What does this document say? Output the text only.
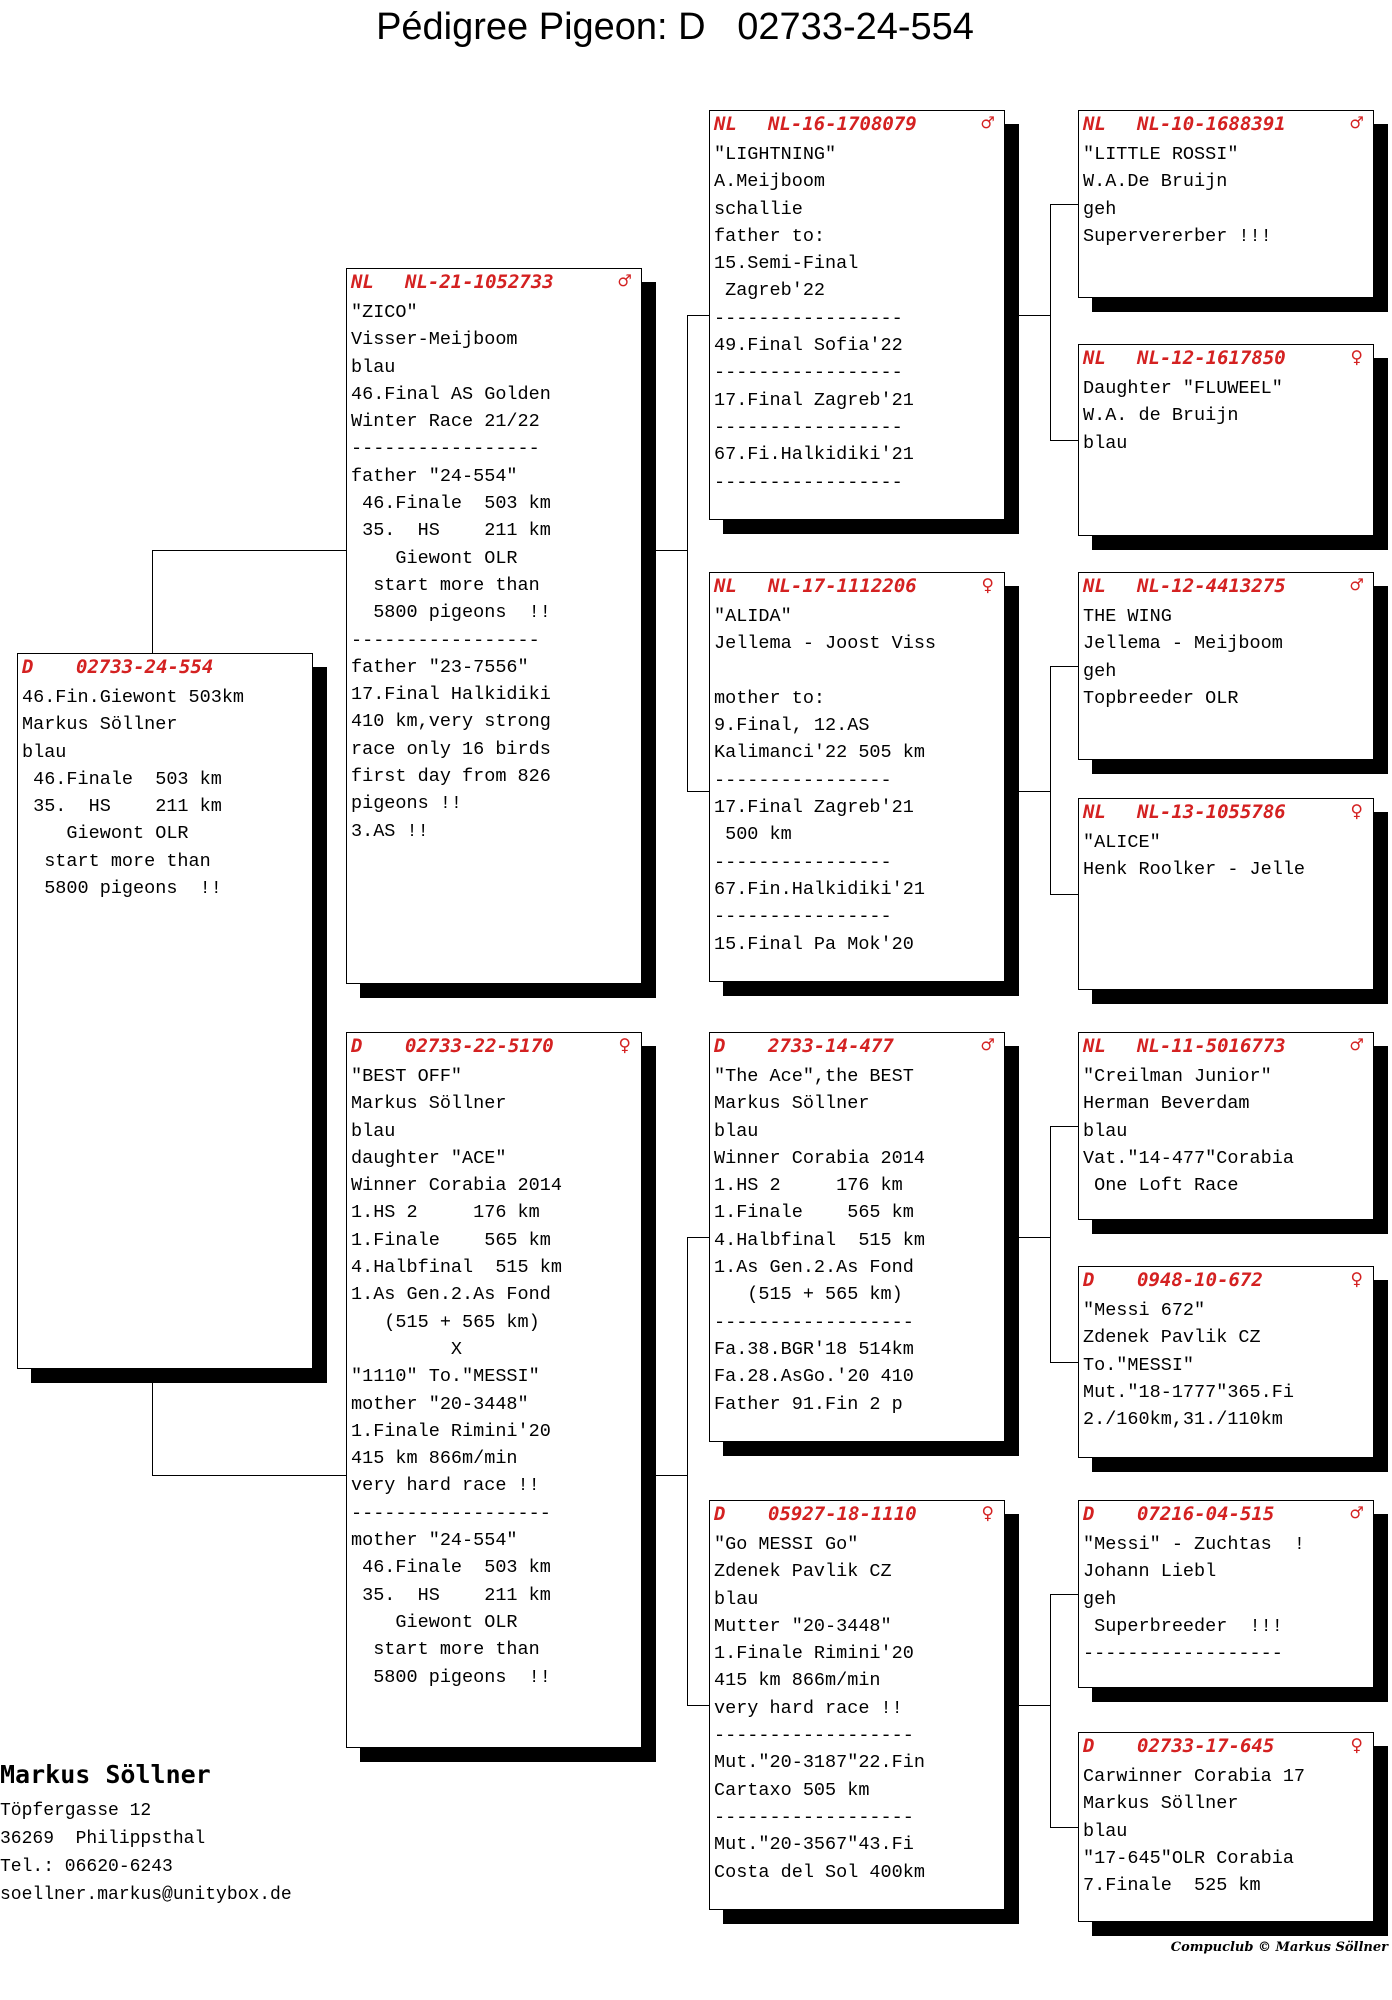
Pédigree Pigeon: D   02733-24-554
D 02733-24-554
46.Fin.Giewont 503km
Markus Söllner
blau
46.Finale  503 km
35.  HS    211 km
Giewont OLR
start more than
5800 pigeons  !!
NL NL-21-1052733	♂
"ZICO"
Visser-Meijboom
blau
46.Final AS Golden
Winter Race 21/22
-----------------
father "24-554"
46.Finale  503 km
35.  HS    211 km
Giewont OLR
start more than
5800 pigeons  !!
-----------------
father "23-7556"
17.Final Halkidiki
410 km,very strong
race only 16 birds
first day from 826
pigeons !!
3.AS !!
D 02733-22-5170	♀
"BEST OFF"
Markus Söllner
blau
daughter "ACE"
Winner Corabia 2014
1.HS 2     176 km
1.Finale    565 km
4.Halbfinal  515 km
1.As Gen.2.As Fond
(515 + 565 km)
X
"1110" To."MESSI"
mother "20-3448"
1.Finale Rimini'20
415 km 866m/min
very hard race !!
------------------
mother "24-554"
46.Finale  503 km
35.  HS    211 km
Giewont OLR
start more than
5800 pigeons  !!
NL NL-16-1708079	♂
"LIGHTNING"
A.Meijboom
schallie
father to:
15.Semi-Final
Zagreb'22
-----------------
49.Final Sofia'22
-----------------
17.Final Zagreb'21
-----------------
67.Fi.Halkidiki'21
-----------------
NL NL-17-1112206	♀
"ALIDA"
Jellema - Joost Viss
mother to:
9.Final, 12.AS
Kalimanci'22 505 km
----------------
17.Final Zagreb'21
500 km
----------------
67.Fin.Halkidiki'21
----------------
15.Final Pa Mok'20
D 2733-14-477	♂
"The Ace",the BEST
Markus Söllner
blau
Winner Corabia 2014
1.HS 2     176 km
1.Finale    565 km
4.Halbfinal  515 km
1.As Gen.2.As Fond
(515 + 565 km)
------------------
Fa.38.BGR'18 514km
Fa.28.AsGo.'20 410
Father 91.Fin 2 p
D 05927-18-1110	♀
"Go MESSI Go"
Zdenek Pavlik CZ
blau
Mutter "20-3448"
1.Finale Rimini'20
415 km 866m/min
very hard race !!
------------------
Mut."20-3187"22.Fin
Cartaxo 505 km
------------------
Mut."20-3567"43.Fi
Costa del Sol 400km
NL NL-10-1688391	♂
"LITTLE ROSSI"
W.A.De Bruijn
geh
Supervererber !!!
NL NL-12-1617850	♀
Daughter "FLUWEEL"
W.A. de Bruijn
blau
NL NL-12-4413275	♂
THE WING
Jellema - Meijboom
geh
Topbreeder OLR
NL NL-13-1055786	♀
"ALICE"
Henk Roolker - Jelle
NL NL-11-5016773	♂
"Creilman Junior"
Herman Beverdam
blau
Vat."14-477"Corabia
One Loft Race
D 0948-10-672	♀
"Messi 672"
Zdenek Pavlik CZ
To."MESSI"
Mut."18-1777"365.Fi
2./160km,31./110km
D 07216-04-515	♂
"Messi" - Zuchtas  !
Johann Liebl
geh
Superbreeder  !!!
------------------
D 02733-17-645	♀
Carwinner Corabia 17
Markus Söllner
blau
"17-645"OLR Corabia
7.Finale  525 km
Markus Söllner
Töpfergasse 12
36269  Philippsthal
Tel.: 06620-6243
soellner.markus@unitybox.de
Compuclub © Markus Söllner
